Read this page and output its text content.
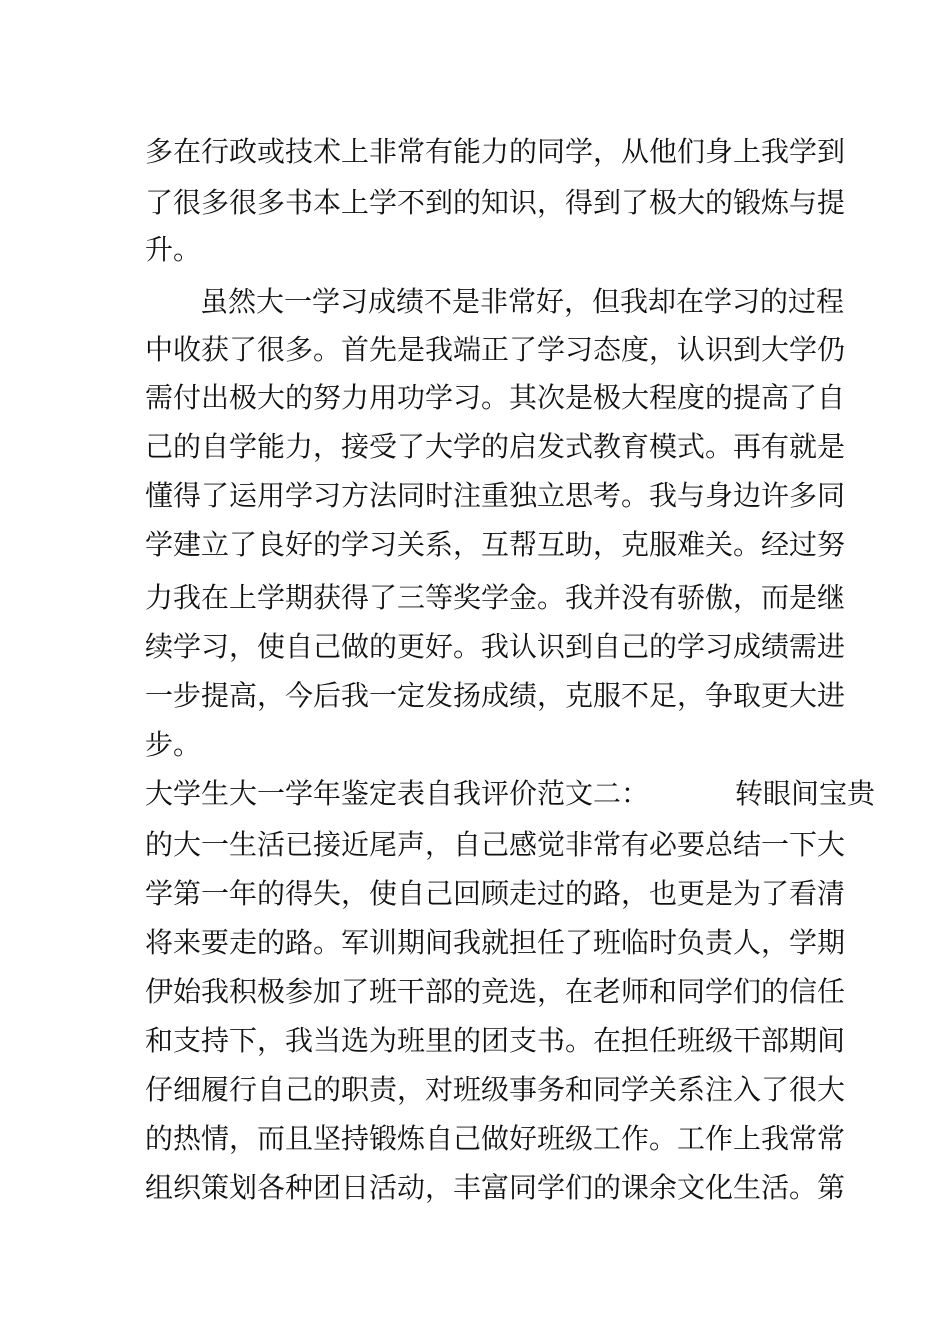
多在行政或技术上非常有能力的同学，从他们身上我学到
了很多很多书本上学不到的知识，得到了极大的锻炼与提
升。
虽然大一学习成绩不是非常好，但我却在学习的过程
中收获了很多。首先是我端正了学习态度，认识到大学仍
需付出极大的努力用功学习。其次是极大程度的提高了自
己的自学能力，接受了大学的启发式教育模式。再有就是
懂得了运用学习方法同时注重独立思考。我与身边许多同
学建立了良好的学习关系，互帮互助，克服难关。经过努
力我在上学期获得了三等奖学金。我并没有骄傲，而是继
续学习，使自己做的更好。我认识到自己的学习成绩需进
一步提高，今后我一定发扬成绩，克服不足，争取更大进
步。
大学生大一学年鉴定表自我评价范文二：	转眼间宝贵
的大一生活已接近尾声，自己感觉非常有必要总结一下大
学第一年的得失，使自己回顾走过的路，也更是为了看清
将来要走的路。军训期间我就担任了班临时负责人，学期
伊始我积极参加了班干部的竞选，在老师和同学们的信任
和支持下，我当选为班里的团支书。在担任班级干部期间
仔细履行自己的职责，对班级事务和同学关系注入了很大
的热情，而且坚持锻炼自己做好班级工作。工作上我常常
组织策划各种团日活动，丰富同学们的课余文化生活。第
